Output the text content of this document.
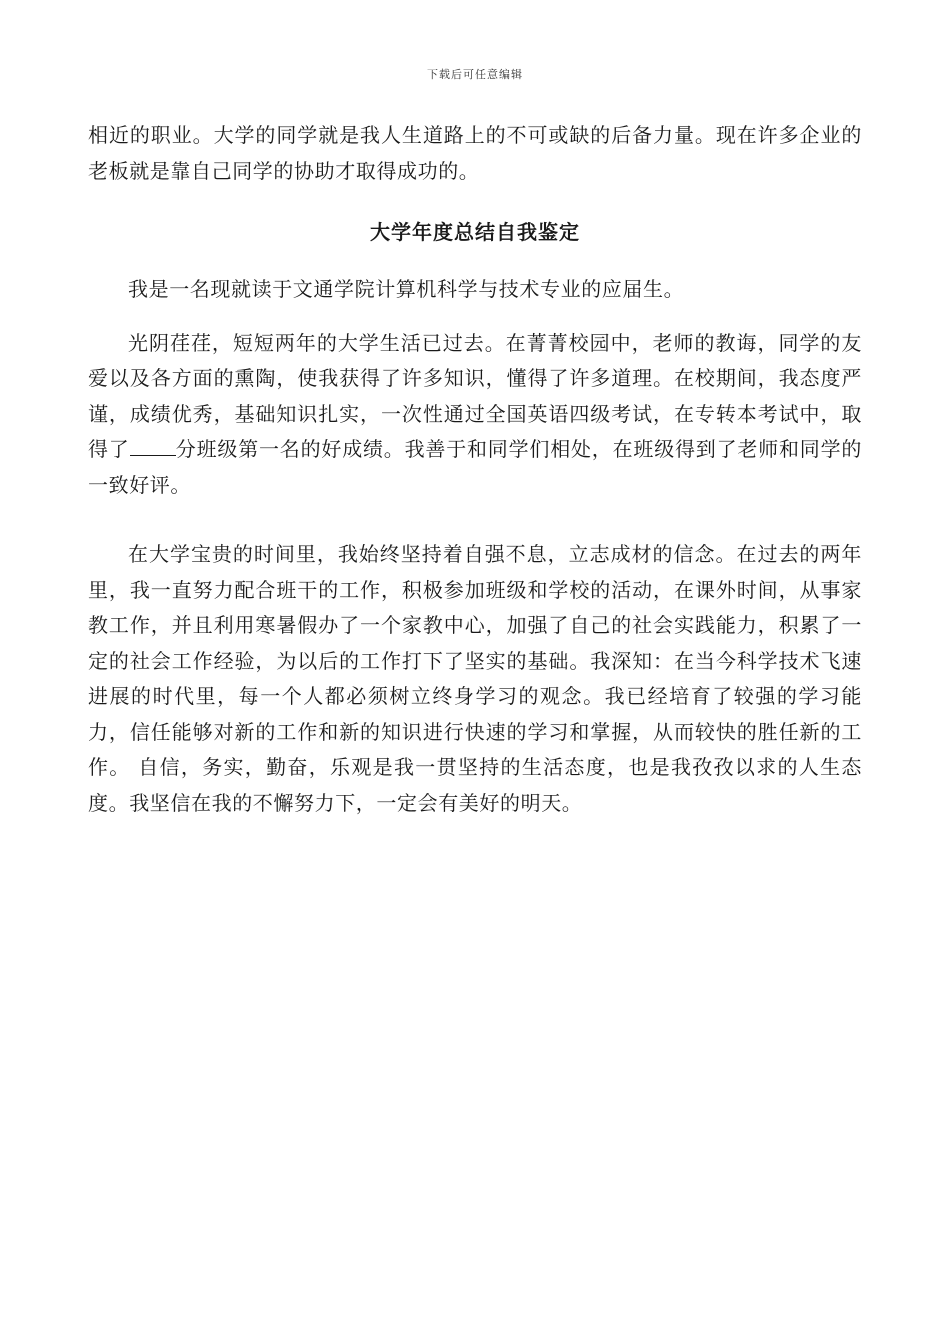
下载后可任意编辑

相近的职业。大学的同学就是我人生道路上的不可或缺的后备力量。现在许多企业的老板就是靠自己同学的协助才取得成功的。

大学年度总结自我鉴定

我是一名现就读于文通学院计算机科学与技术专业的应届生。

光阴荏荏，短短两年的大学生活已过去。在菁菁校园中，老师的教诲，同学的友爱以及各方面的熏陶，使我获得了许多知识，懂得了许多道理。在校期间，我态度严谨，成绩优秀，基础知识扎实，一次性通过全国英语四级考试，在专转本考试中，取得了 分班级第一名的好成绩。我善于和同学们相处，在班级得到了老师和同学的一致好评。

在大学宝贵的时间里，我始终坚持着自强不息，立志成材的信念。在过去的两年里，我一直努力配合班干的工作，积极参加班级和学校的活动，在课外时间，从事家教工作，并且利用寒暑假办了一个家教中心，加强了自己的社会实践能力，积累了一定的社会工作经验，为以后的工作打下了坚实的基础。我深知：在当今科学技术飞速进展的时代里，每一个人都必须树立终身学习的观念。我已经培育了较强的学习能力，信任能够对新的工作和新的知识进行快速的学习和掌握，从而较快的胜任新的工作。 自信，务实，勤奋，乐观是我一贯坚持的生活态度，也是我孜孜以求的人生态度。我坚信在我的不懈努力下，一定会有美好的明天。
